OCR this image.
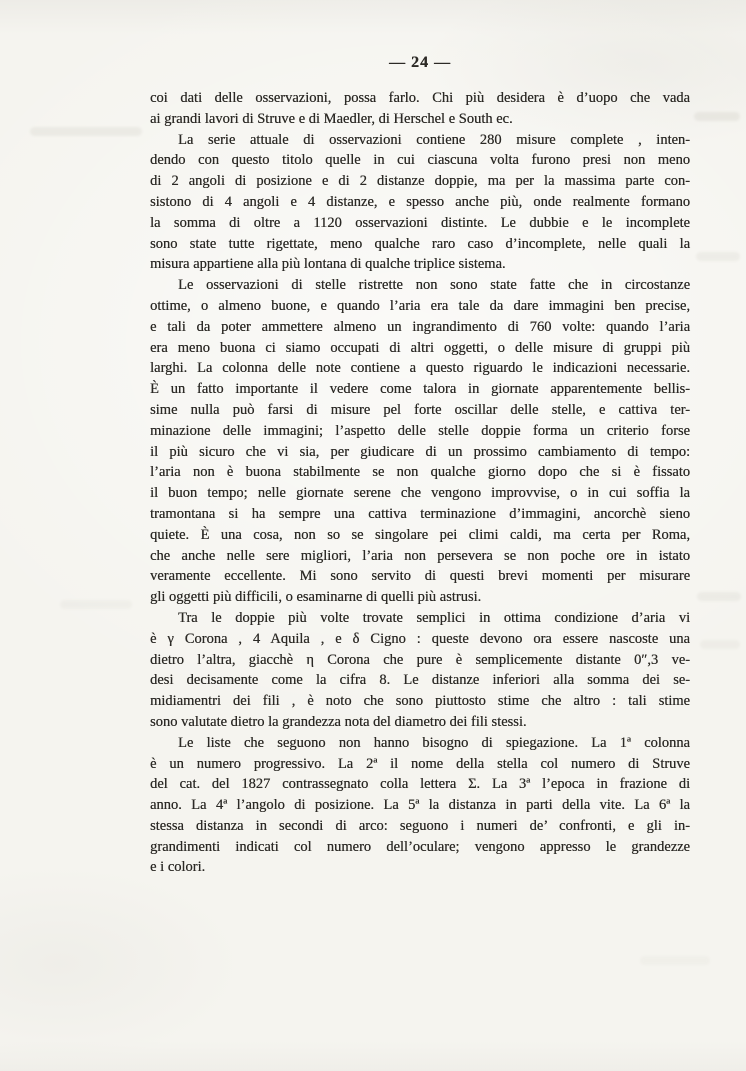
— 24 —
coi dati delle osservazioni, possa farlo. Chi più desidera è d’uopo che vada
ai grandi lavori di Struve e di Maedler, di Herschel e South ec.
La serie attuale di osservazioni contiene 280 misure complete , inten-
dendo con questo titolo quelle in cui ciascuna volta furono presi non meno
di 2 angoli di posizione e di 2 distanze doppie, ma per la massima parte con-
sistono di 4 angoli e 4 distanze, e spesso anche più, onde realmente formano
la somma di oltre a 1120 osservazioni distinte. Le dubbie e le incomplete
sono state tutte rigettate, meno qualche raro caso d’incomplete, nelle quali la
misura appartiene alla più lontana di qualche triplice sistema.
Le osservazioni di stelle ristrette non sono state fatte che in circostanze
ottime, o almeno buone, e quando l’aria era tale da dare immagini ben precise,
e tali da poter ammettere almeno un ingrandimento di 760 volte: quando l’aria
era meno buona ci siamo occupati di altri oggetti, o delle misure di gruppi più
larghi. La colonna delle note contiene a questo riguardo le indicazioni necessarie.
È un fatto importante il vedere come talora in giornate apparentemente bellis-
sime nulla può farsi di misure pel forte oscillar delle stelle, e cattiva ter-
minazione delle immagini; l’aspetto delle stelle doppie forma un criterio forse
il più sicuro che vi sia, per giudicare di un prossimo cambiamento di tempo:
l’aria non è buona stabilmente se non qualche giorno dopo che si è fissato
il buon tempo; nelle giornate serene che vengono improvvise, o in cui soffia la
tramontana si ha sempre una cattiva terminazione d’immagini, ancorchè sieno
quiete. È una cosa, non so se singolare pei climi caldi, ma certa per Roma,
che anche nelle sere migliori, l’aria non persevera se non poche ore in istato
veramente eccellente. Mi sono servito di questi brevi momenti per misurare
gli oggetti più difficili, o esaminarne di quelli più astrusi.
Tra le doppie più volte trovate semplici in ottima condizione d’aria vi
è γ Corona , 4 Aquila , e δ Cigno : queste devono ora essere nascoste una
dietro l’altra, giacchè η Corona che pure è semplicemente distante 0″,3 ve-
desi decisamente come la cifra 8. Le distanze inferiori alla somma dei se-
midiamentri dei fili , è noto che sono piuttosto stime che altro : tali stime
sono valutate dietro la grandezza nota del diametro dei fili stessi.
Le liste che seguono non hanno bisogno di spiegazione. La 1ª colonna
è un numero progressivo. La 2ª il nome della stella col numero di Struve
del cat. del 1827 contrassegnato colla lettera Σ. La 3ª l’epoca in frazione di
anno. La 4ª l’angolo di posizione. La 5ª la distanza in parti della vite. La 6ª la
stessa distanza in secondi di arco: seguono i numeri de’ confronti, e gli in-
grandimenti indicati col numero dell’oculare; vengono appresso le grandezze
e i colori.
